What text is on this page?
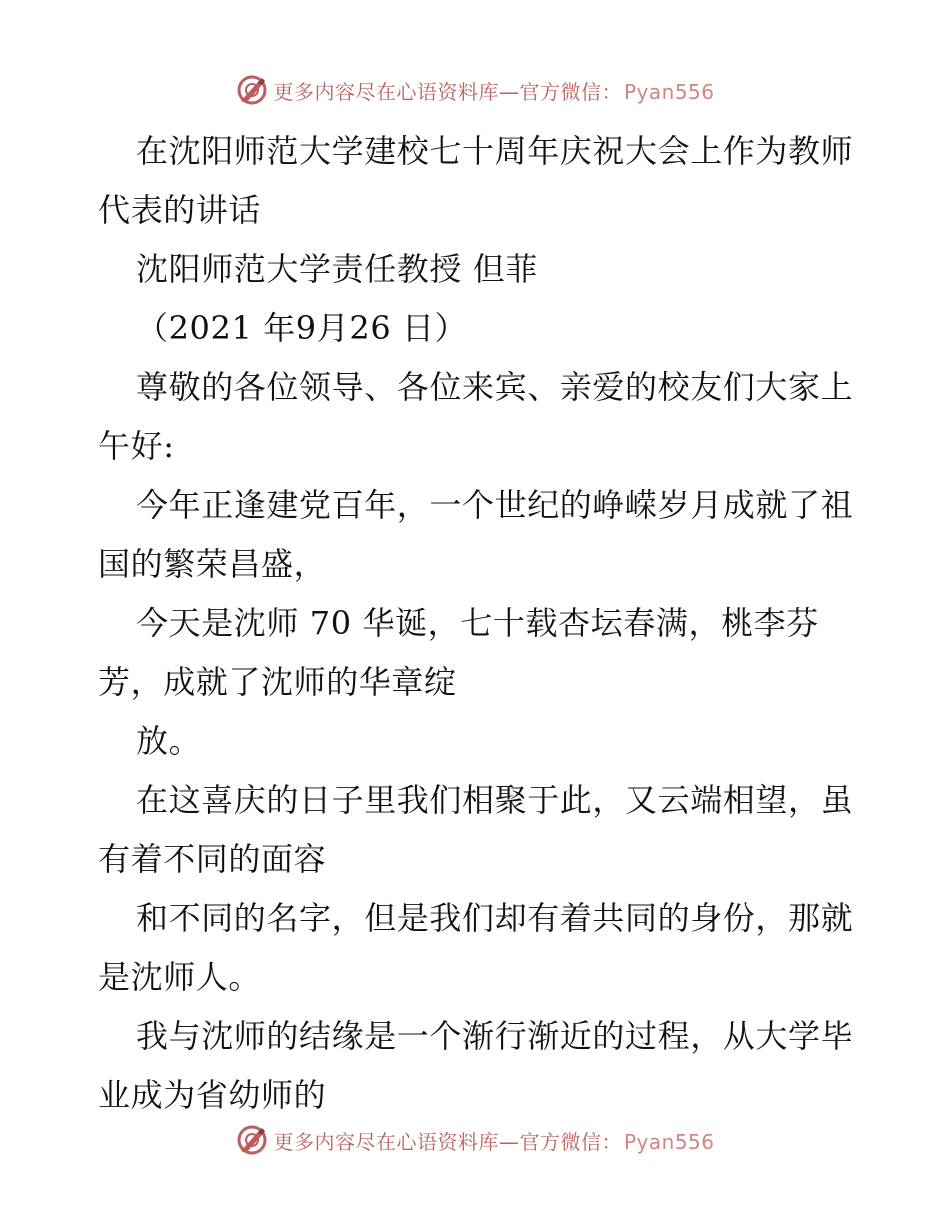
更多内容尽在心语资料库—官方微信： Pyan556

在沈阳师范大学建校七十周年庆祝大会上作为教师代表的讲话

沈阳师范大学责任教授 但菲

（2021 年9月26 日）

尊敬的各位领导、各位来宾、亲爱的校友们大家上午好:

今年正逢建党百年，一个世纪的峥嵘岁月成就了祖国的繁荣昌盛，

今天是沈师 70 华诞，七十载杏坛春满，桃李芬芳，成就了沈师的华章绽

放。

在这喜庆的日子里我们相聚于此，又云端相望，虽有着不同的面容

和不同的名字，但是我们却有着共同的身份，那就是沈师人。

我与沈师的结缘是一个渐行渐近的过程，从大学毕业成为省幼师的

更多内容尽在心语资料库—官方微信： Pyan556
